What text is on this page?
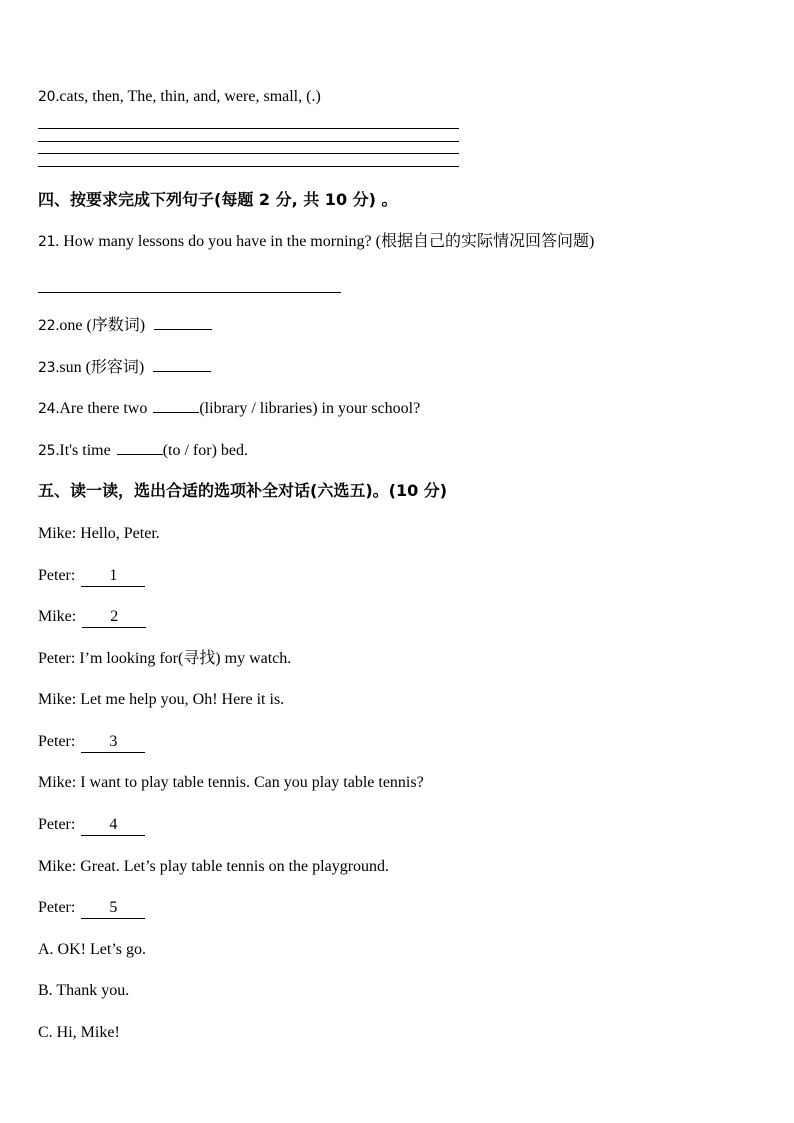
20.cats, then, The, thin, and, were, small, (.)
四、按要求完成下列句子(每题 2 分, 共 10 分) 。
21. How many lessons do you have in the morning? (根据自己的实际情况回答问题)
22.one (序数词)
23.sun (形容词)
24.Are there two	(library / libraries) in your school?
25.It's time	(to / for) bed.
五、读一读，选出合适的选项补全对话(六选五)。(10 分)
Mike: Hello, Peter.
Peter: 1
Mike: 2
Peter: I’m looking for(寻找) my watch.
Mike: Let me help you, Oh! Here it is.
Peter: 3
Mike: I want to play table tennis. Can you play table tennis?
Peter: 4
Mike: Great. Let’s play table tennis on the playground.
Peter: 5
A. OK! Let’s go.
B. Thank you.
C. Hi, Mike!
